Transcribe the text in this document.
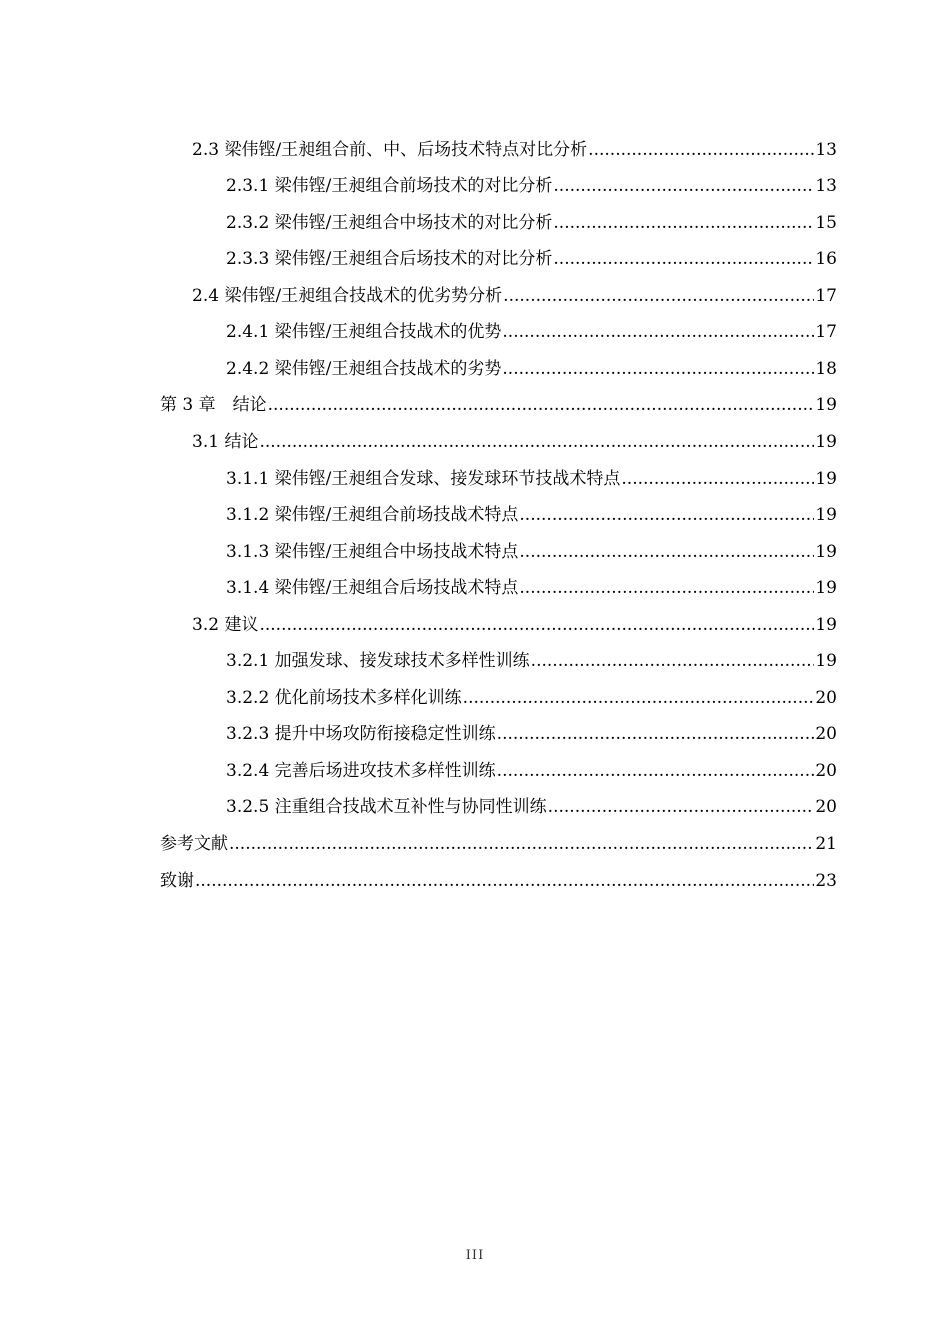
2.3 梁伟铿/王昶组合前、中、后场技术特点对比分析 .....	13
2.3.1 梁伟铿/王昶组合前场技术的对比分析 .....	13
2.3.2 梁伟铿/王昶组合中场技术的对比分析 .....	15
2.3.3 梁伟铿/王昶组合后场技术的对比分析 .....	16
2.4 梁伟铿/王昶组合技战术的优劣势分析 .....	17
2.4.1 梁伟铿/王昶组合技战术的优势 .....	17
2.4.2 梁伟铿/王昶组合技战术的劣势 .....	18
第 3 章　结论 .....	19
3.1 结论 .....	19
3.1.1 梁伟铿/王昶组合发球、接发球环节技战术特点 .....	19
3.1.2 梁伟铿/王昶组合前场技战术特点 .....	19
3.1.3 梁伟铿/王昶组合中场技战术特点 .....	19
3.1.4 梁伟铿/王昶组合后场技战术特点 .....	19
3.2 建议 .....	19
3.2.1 加强发球、接发球技术多样性训练 .....	19
3.2.2 优化前场技术多样化训练 .....	20
3.2.3 提升中场攻防衔接稳定性训练 .....	20
3.2.4 完善后场进攻技术多样性训练 .....	20
3.2.5 注重组合技战术互补性与协同性训练 .....	20
参考文献 .....	21
致谢 .....	23
III
